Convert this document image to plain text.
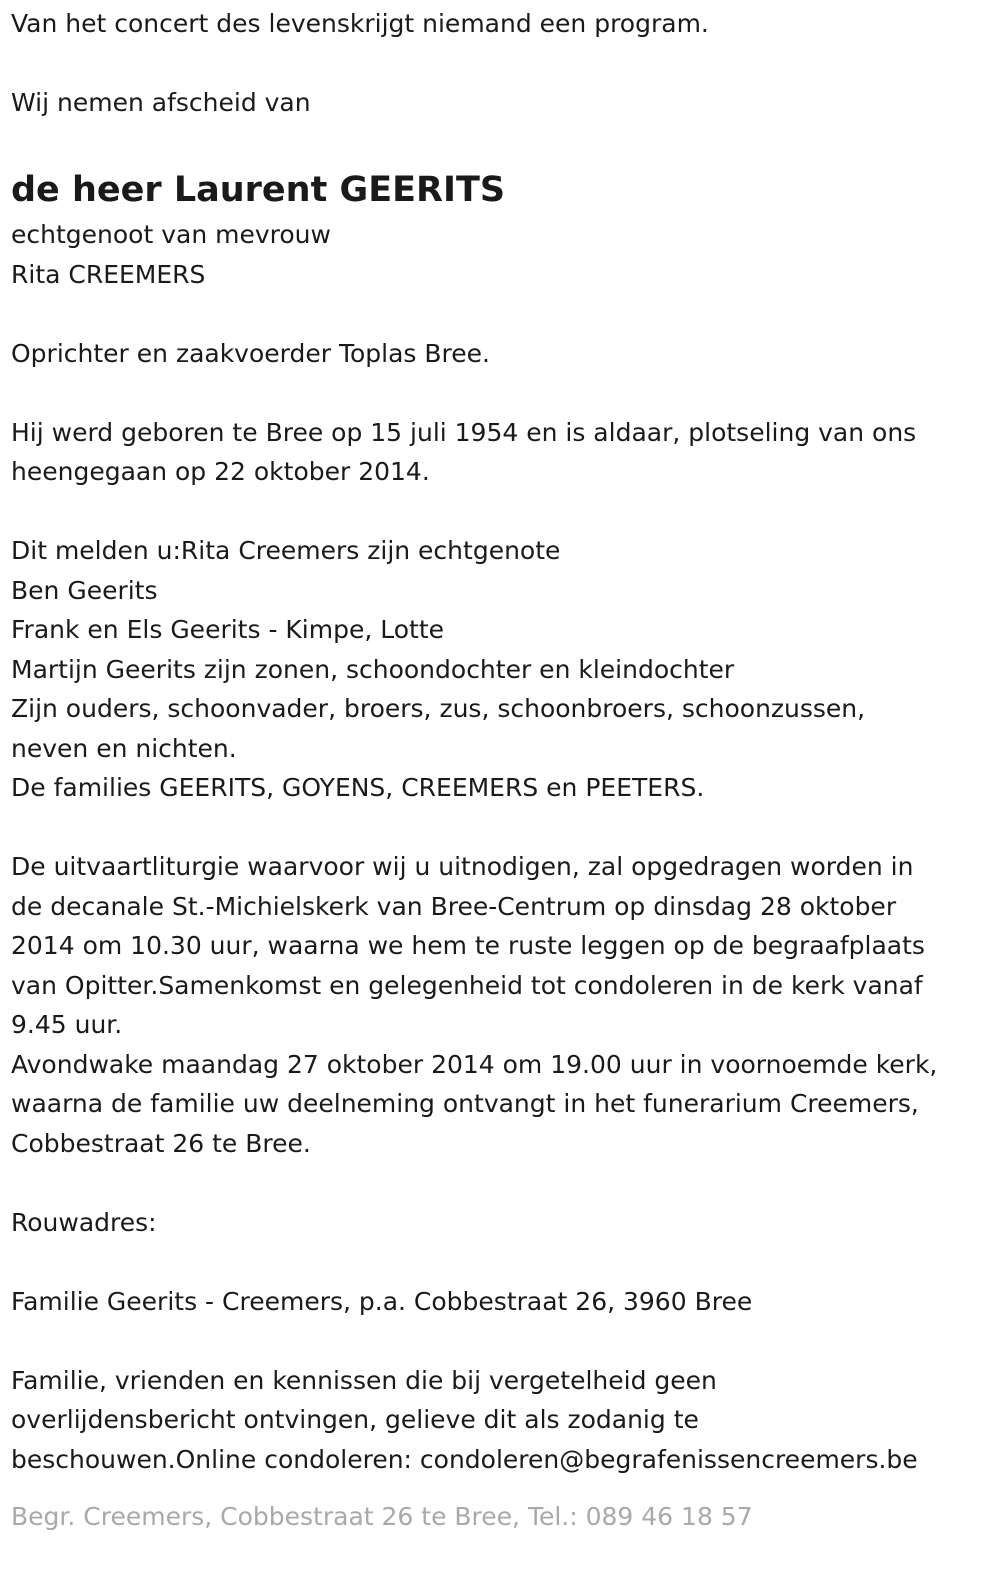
Van het concert des levenskrijgt niemand een program.

Wij nemen afscheid van

de heer Laurent GEERITS

echtgenoot van mevrouw

Rita CREEMERS

Oprichter en zaakvoerder Toplas Bree.

Hij werd geboren te Bree op 15 juli 1954 en is aldaar, plotseling van ons

heengegaan op 22 oktober 2014.

Dit melden u:Rita Creemers zijn echtgenote

Ben Geerits

Frank en Els Geerits - Kimpe, Lotte

Martijn Geerits zijn zonen, schoondochter en kleindochter

Zijn ouders, schoonvader, broers, zus, schoonbroers, schoonzussen,

neven en nichten.

De families GEERITS, GOYENS, CREEMERS en PEETERS.

De uitvaartliturgie waarvoor wij u uitnodigen, zal opgedragen worden in

de decanale St.-Michielskerk van Bree-Centrum op dinsdag 28 oktober

2014 om 10.30 uur, waarna we hem te ruste leggen op de begraafplaats

van Opitter.Samenkomst en gelegenheid tot condoleren in de kerk vanaf

9.45 uur.

Avondwake maandag 27 oktober 2014 om 19.00 uur in voornoemde kerk,

waarna de familie uw deelneming ontvangt in het funerarium Creemers,

Cobbestraat 26 te Bree.

Rouwadres:

Familie Geerits - Creemers, p.a. Cobbestraat 26, 3960 Bree

Familie, vrienden en kennissen die bij vergetelheid geen

overlijdensbericht ontvingen, gelieve dit als zodanig te

beschouwen.Online condoleren: condoleren@begrafenissencreemers.be

Begr. Creemers, Cobbestraat 26 te Bree, Tel.: 089 46 18 57
